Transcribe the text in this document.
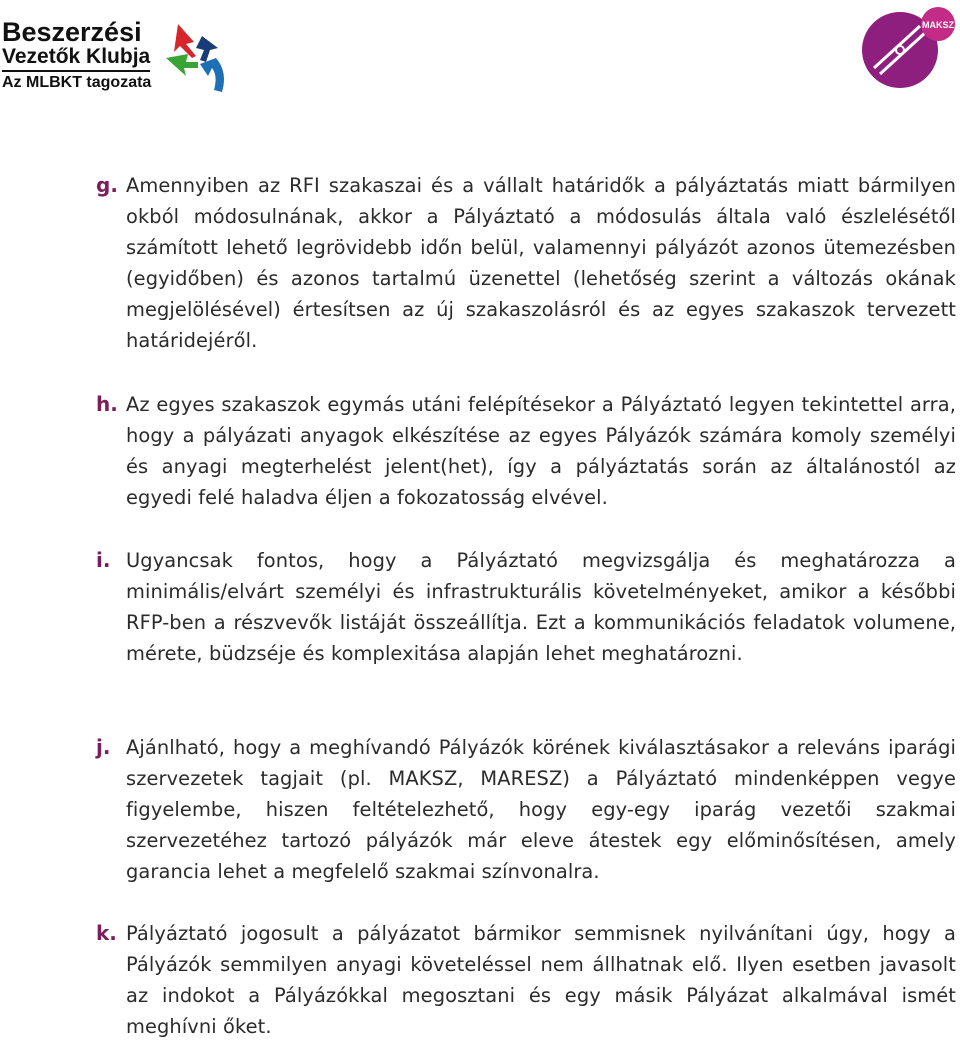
Beszerzési
Vezetők Klubja
Az MLBKT tagozata
MAKSZ
g. Amennyiben az RFI szakaszai és a vállalt határidők a pályáztatás miatt bármilyen okból módosulnának, akkor a Pályáztató a módosulás általa való észlelésétől számított lehető legrövidebb időn belül, valamennyi pályázót azonos ütemezésben (egyidőben) és azonos tartalmú üzenettel (lehetőség szerint a változás okának megjelölésével) értesítsen az új szakaszolásról és az egyes szakaszok tervezett határidejéről.
h. Az egyes szakaszok egymás utáni felépítésekor a Pályáztató legyen tekintettel arra, hogy a pályázati anyagok elkészítése az egyes Pályázók számára komoly személyi és anyagi megterhelést jelent(het), így a pályáztatás során az általánostól az egyedi felé haladva éljen a fokozatosság elvével.
i. Ugyancsak fontos, hogy a Pályáztató megvizsgálja és meghatározza a minimális/elvárt személyi és infrastrukturális követelményeket, amikor a későbbi RFP-ben a részvevők listáját összeállítja. Ezt a kommunikációs feladatok volumene, mérete, büdzséje és komplexitása alapján lehet meghatározni.
j. Ajánlható, hogy a meghívandó Pályázók körének kiválasztásakor a releváns iparági szervezetek tagjait (pl. MAKSZ, MARESZ) a Pályáztató mindenképpen vegye figyelembe, hiszen feltételezhető, hogy egy-egy iparág vezetői szakmai szervezetéhez tartozó pályázók már eleve átestek egy előminősítésen, amely garancia lehet a megfelelő szakmai színvonalra.
k. Pályáztató jogosult a pályázatot bármikor semmisnek nyilvánítani úgy, hogy a Pályázók semmilyen anyagi követeléssel nem állhatnak elő. Ilyen esetben javasolt az indokot a Pályázókkal megosztani és egy másik Pályázat alkalmával ismét meghívni őket.
